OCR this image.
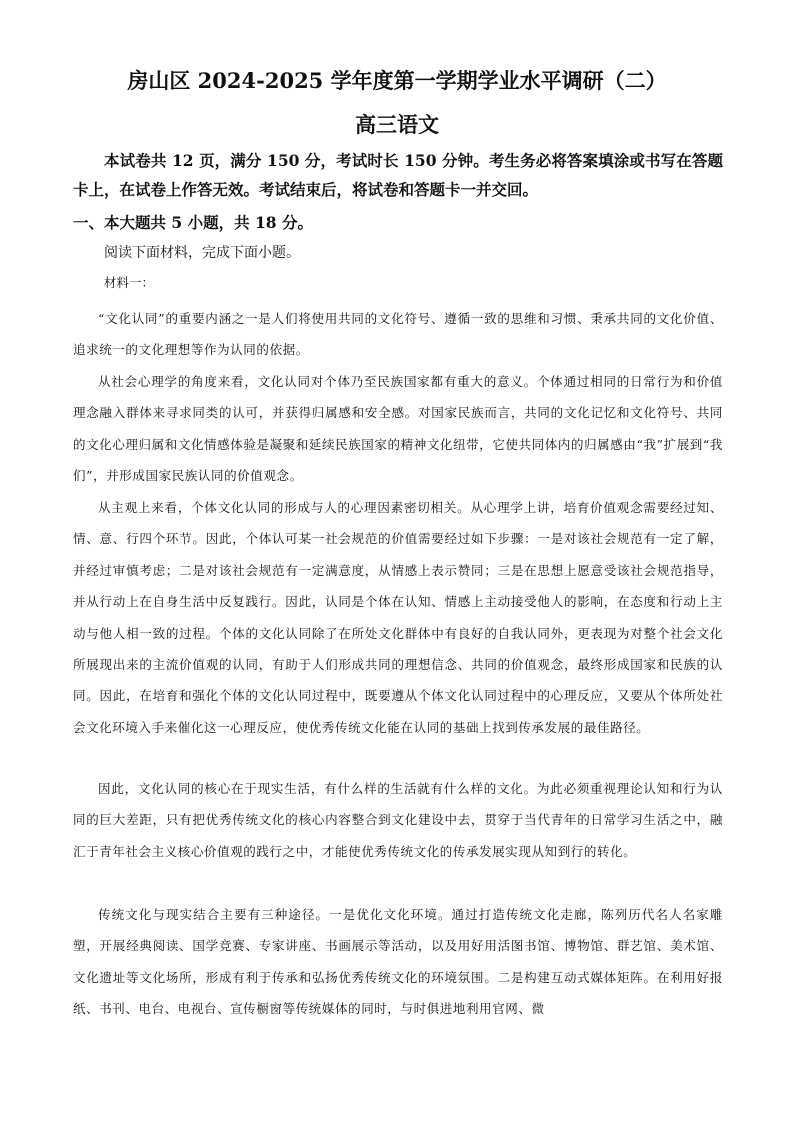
房山区 2024-2025 学年度第一学期学业水平调研（二）
高三语文
本试卷共 12 页，满分 150 分，考试时长 150 分钟。考生务必将答案填涂或书写在答题卡上，在试卷上作答无效。考试结束后，将试卷和答题卡一并交回。
一、本大题共 5 小题，共 18 分。
阅读下面材料，完成下面小题。
材料一：

“文化认同”的重要内涵之一是人们将使用共同的文化符号、遵循一致的思维和习惯、秉承共同的文化价值、追求统一的文化理想等作为认同的依据。

从社会心理学的角度来看，文化认同对个体乃至民族国家都有重大的意义。个体通过相同的日常行为和价值理念融入群体来寻求同类的认可，并获得归属感和安全感。对国家民族而言，共同的文化记忆和文化符号、共同的文化心理归属和文化情感体验是凝聚和延续民族国家的精神文化纽带，它使共同体内的归属感由“我”扩展到“我们”，并形成国家民族认同的价值观念。

从主观上来看，个体文化认同的形成与人的心理因素密切相关。从心理学上讲，培育价值观念需要经过知、情、意、行四个环节。因此，个体认可某一社会规范的价值需要经过如下步骤：一是对该社会规范有一定了解，并经过审慎考虑；二是对该社会规范有一定满意度，从情感上表示赞同；三是在思想上愿意受该社会规范指导，并从行动上在自身生活中反复践行。因此，认同是个体在认知、情感上主动接受他人的影响，在态度和行动上主动与他人相一致的过程。个体的文化认同除了在所处文化群体中有良好的自我认同外，更表现为对整个社会文化所展现出来的主流价值观的认同，有助于人们形成共同的理想信念、共同的价值观念，最终形成国家和民族的认同。因此，在培育和强化个体的文化认同过程中，既要遵从个体文化认同过程中的心理反应，又要从个体所处社会文化环境入手来催化这一心理反应，使优秀传统文化能在认同的基础上找到传承发展的最佳路径。

因此，文化认同的核心在于现实生活，有什么样的生活就有什么样的文化。为此必须重视理论认知和行为认同的巨大差距，只有把优秀传统文化的核心内容整合到文化建设中去，贯穿于当代青年的日常学习生活之中，融汇于青年社会主义核心价值观的践行之中，才能使优秀传统文化的传承发展实现从知到行的转化。

传统文化与现实结合主要有三种途径。一是优化文化环境。通过打造传统文化走廊，陈列历代名人名家雕塑，开展经典阅读、国学竞赛、专家讲座、书画展示等活动，以及用好用活图书馆、博物馆、群艺馆、美术馆、文化遗址等文化场所，形成有利于传承和弘扬优秀传统文化的环境氛围。二是构建互动式媒体矩阵。在利用好报纸、书刊、电台、电视台、宣传橱窗等传统媒体的同时，与时俱进地利用官网、微
